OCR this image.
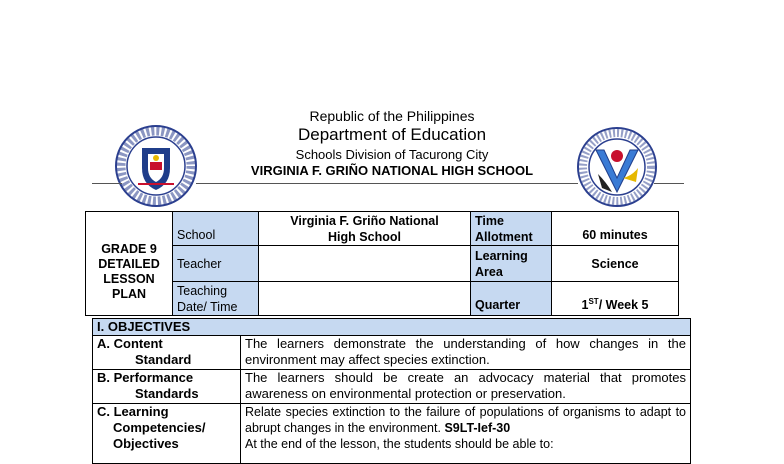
Republic of the Philippines
Department of Education
Schools Division of Tacurong City
VIRGINIA F. GRIÑO NATIONAL HIGH SCHOOL
GRADE 9
DETAILED LESSON PLAN	School	Virginia F. Griño National High School	Time Allotment	60 minutes
	Teacher		Learning Area	Science
	Teaching Date/ Time		Quarter	1ST/ Week 5
I. OBJECTIVES	

A. Content
Standard	The learners demonstrate the understanding of how changes in the environment may affect species extinction.

B. Performance
Standards	The learners should be create an advocacy material that promotes awareness on environmental protection or preservation.

C. Learning
Competencies/
Objectives	Relate species extinction to the failure of populations of organisms to adapt to abrupt changes in the environment. S9LT-Ief-30
At the end of the lesson, the students should be able to:
